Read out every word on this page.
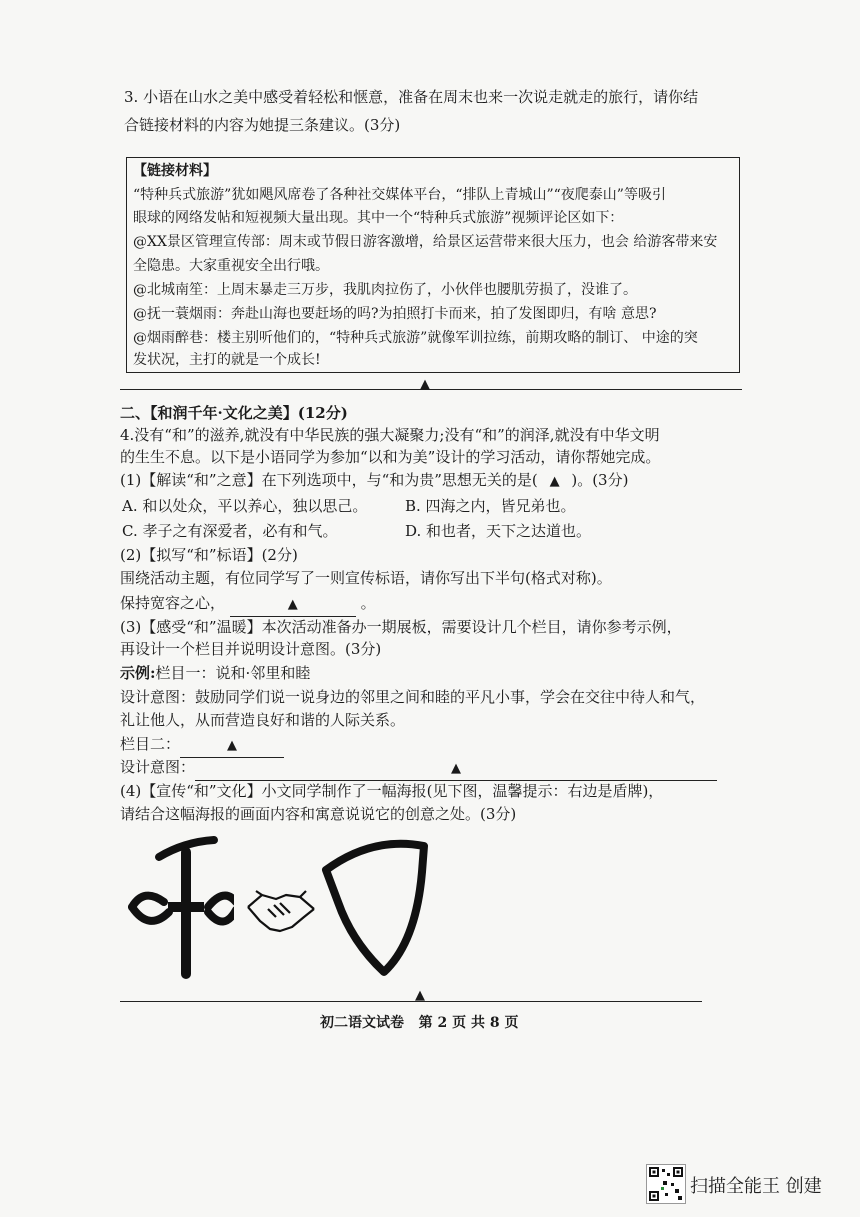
3. 小语在山水之美中感受着轻松和惬意，准备在周末也来一次说走就走的旅行，请你结
合链接材料的内容为她提三条建议。(3分)
【链接材料】
“特种兵式旅游”犹如飓风席卷了各种社交媒体平台，“排队上青城山”“夜爬泰山”等吸引
眼球的网络发帖和短视频大量出现。其中一个“特种兵式旅游”视频评论区如下：
@XX景区管理宣传部：周末或节假日游客激增，给景区运营带来很大压力，也会 给游客带来安
全隐患。大家重视安全出行哦。
@北城南笙：上周末暴走三万步，我肌肉拉伤了，小伙伴也腰肌劳损了，没谁了。
@抚一蓑烟雨：奔赴山海也要赶场的吗?为拍照打卡而来，拍了发图即归，有啥 意思?
@烟雨醉巷：楼主别听他们的，“特种兵式旅游”就像军训拉练，前期攻略的制订、 中途的突
发状况，主打的就是一个成长!
▲
二、【和润千年·文化之美】(12分)
4.没有“和”的滋养,就没有中华民族的强大凝聚力;没有“和”的润泽,就没有中华文明
的生生不息。以下是小语同学为参加“以和为美”设计的学习活动，请你帮她完成。
(1)【解读“和”之意】在下列选项中，与“和为贵”思想无关的是( ▲ )。(3分)
A. 和以处众，平以养心，独以思己。	B. 四海之内，皆兄弟也。
C. 孝子之有深爱者，必有和气。	D. 和也者，天下之达道也。
(2)【拟写“和”标语】(2分)
围绕活动主题，有位同学写了一则宣传标语，请你写出下半句(格式对称)。
保持宽容之心，	▲	。
(3)【感受“和”温暖】本次活动准备办一期展板，需要设计几个栏目，请你参考示例，
再设计一个栏目并说明设计意图。(3分)
示例:栏目一：说和·邻里和睦
设计意图：鼓励同学们说一说身边的邻里之间和睦的平凡小事，学会在交往中待人和气，
礼让他人，从而营造良好和谐的人际关系。
栏目二：	▲
设计意图：	▲
(4)【宣传“和”文化】小文同学制作了一幅海报(见下图，温馨提示：右边是盾牌)，
请结合这幅海报的画面内容和寓意说说它的创意之处。(3分)
▲
初二语文试卷   第 2 页 共 8 页
扫描全能王 创建
